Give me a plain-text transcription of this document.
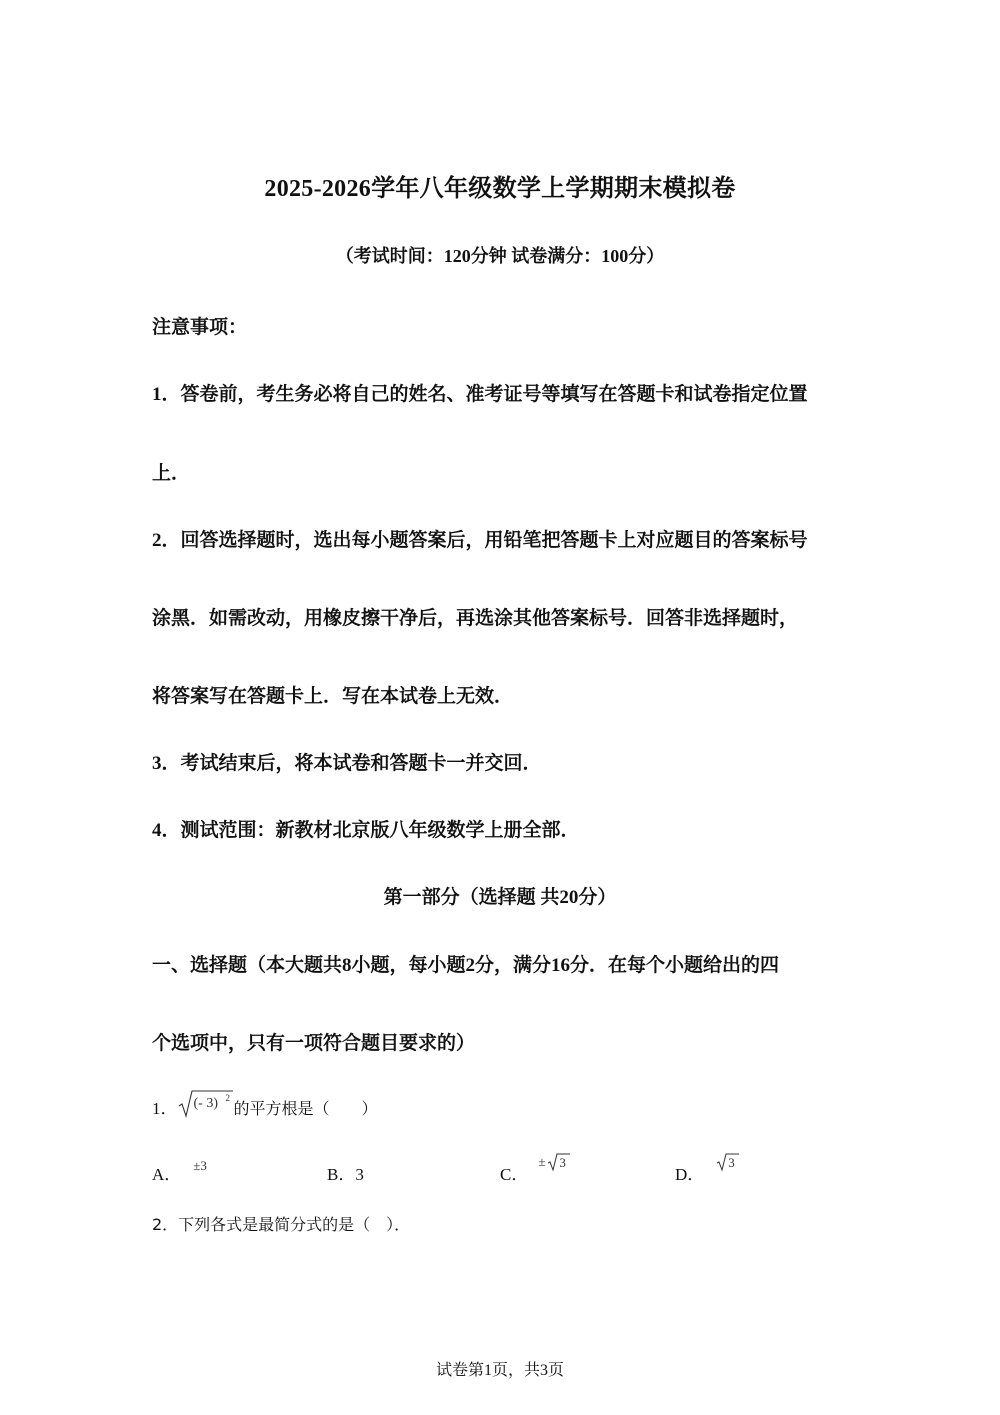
2025-2026学年八年级数学上学期期末模拟卷
（考试时间：120分钟 试卷满分：100分）
注意事项：
1．答卷前，考生务必将自己的姓名、准考证号等填写在答题卡和试卷指定位置
上．
2．回答选择题时，选出每小题答案后，用铅笔把答题卡上对应题目的答案标号
涂黑．如需改动，用橡皮擦干净后，再选涂其他答案标号．回答非选择题时，
将答案写在答题卡上．写在本试卷上无效．
3．考试结束后，将本试卷和答题卡一并交回．
4．测试范围：新教材北京版八年级数学上册全部．
第一部分（选择题 共20分）
一、选择题（本大题共8小题，每小题2分，满分16分．在每个小题给出的四
个选项中，只有一项符合题目要求的）
1． (- 3) 2
的平方根是（　　）
A． $^{\pm 3}$	B．3	C．
± 3
D．
3
2．下列各式是最简分式的是（　）．
试卷第1页，共3页
